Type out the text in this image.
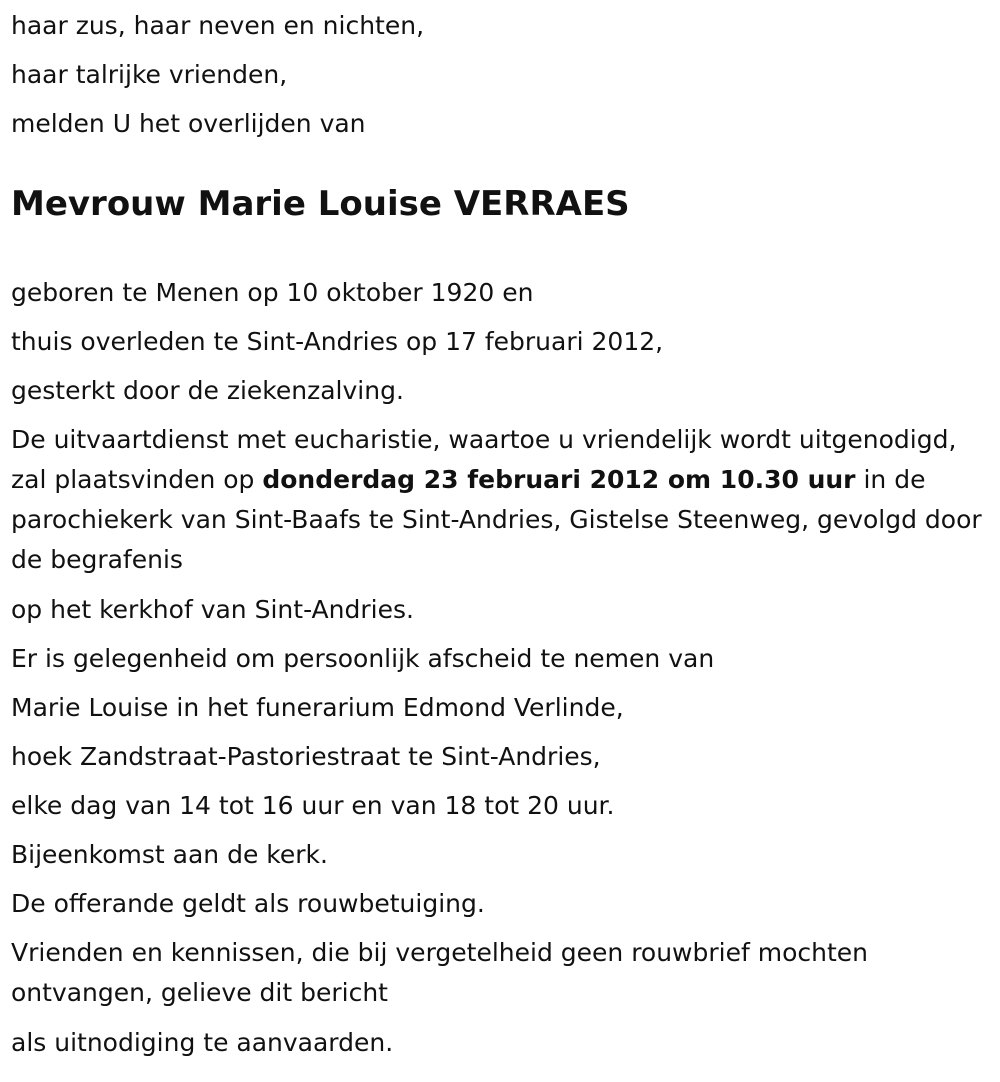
haar zus, haar neven en nichten,
haar talrijke vrienden,
melden U het overlijden van
Mevrouw Marie Louise VERRAES

geboren te Menen op 10 oktober 1920 en

thuis overleden te Sint-Andries op 17 februari 2012,

gesterkt door de ziekenzalving.

De uitvaartdienst met eucharistie, waartoe u vriendelijk wordt uitgenodigd, zal plaatsvinden op donderdag 23 februari 2012 om 10.30 uur in de parochiekerk van Sint-Baafs te Sint-Andries, Gistelse Steenweg, gevolgd door de begrafenis

op het kerkhof van Sint-Andries.

Er is gelegenheid om persoonlijk afscheid te nemen van

Marie Louise in het funerarium Edmond Verlinde,

hoek Zandstraat-Pastoriestraat te Sint-Andries,

elke dag van 14 tot 16 uur en van 18 tot 20 uur.

Bijeenkomst aan de kerk.

De offerande geldt als rouwbetuiging.

Vrienden en kennissen, die bij vergetelheid geen rouwbrief mochten ontvangen, gelieve dit bericht

als uitnodiging te aanvaarden.
